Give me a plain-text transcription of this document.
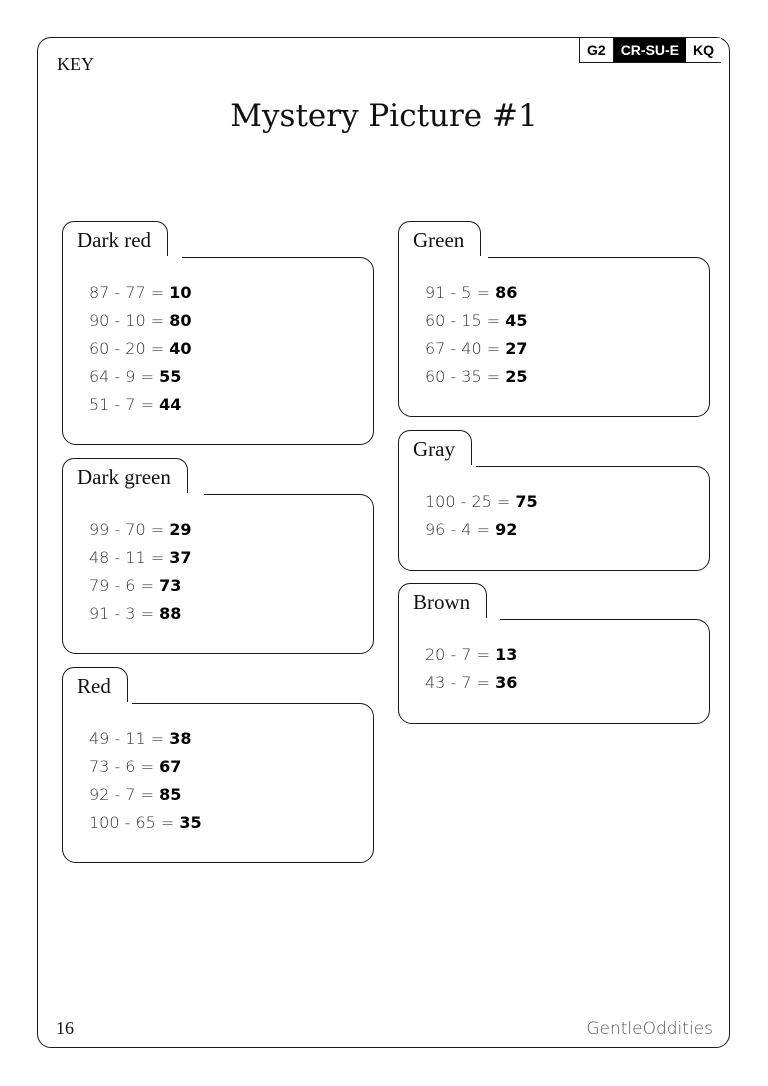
G2	CR-SU-E	KQ
KEY
Mystery Picture #1
Dark red
87 - 77 = 10
90 - 10 = 80
60 - 20 = 40
64 - 9 = 55
51 - 7 = 44
Dark green
99 - 70 = 29
48 - 11 = 37
79 - 6 = 73
91 - 3 = 88
Red
49 - 11 = 38
73 - 6 = 67
92 - 7 = 85
100 - 65 = 35
Green
91 - 5 = 86
60 - 15 = 45
67 - 40 = 27
60 - 35 = 25
Gray
100 - 25 = 75
96 - 4 = 92
Brown
20 - 7 = 13
43 - 7 = 36
16	GentleOddities
